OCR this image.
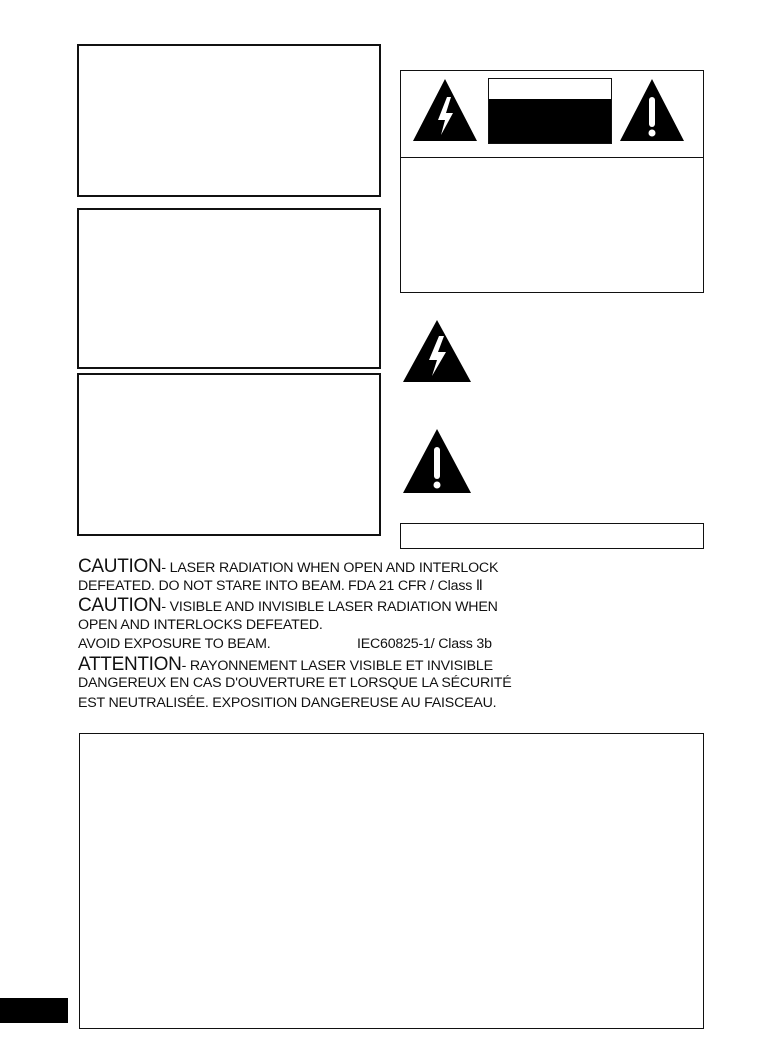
CAUTION- LASER RADIATION WHEN OPEN AND INTERLOCK
DEFEATED. DO NOT STARE INTO BEAM. FDA 21 CFR / Class Ⅱ
CAUTION- VISIBLE AND INVISIBLE LASER RADIATION WHEN
OPEN AND INTERLOCKS DEFEATED.
AVOID EXPOSURE TO BEAM.	IEC60825-1/ Class 3b
ATTENTION- RAYONNEMENT LASER VISIBLE ET INVISIBLE
DANGEREUX EN CAS D'OUVERTURE ET LORSQUE LA SÉCURITÉ
EST NEUTRALISÉE. EXPOSITION DANGEREUSE AU FAISCEAU.
